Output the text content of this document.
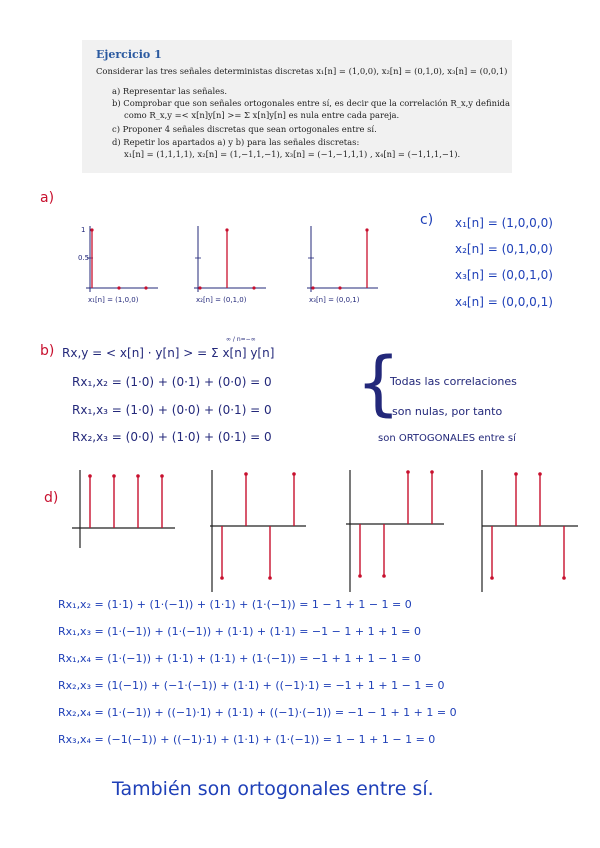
Ejercicio 1
Considerar las tres señales deterministas discretas x₁[n] = (1,0,0), x₂[n] = (0,1,0), x₃[n] = (0,0,1)
a) Representar las señales.
b) Comprobar que son señales ortogonales entre sí, es decir que la correlación R_x,y definida
como R_x,y =< x[n]y[n] >= Σ x[n]y[n] es nula entre cada pareja.
c) Proponer 4 señales discretas que sean ortogonales entre sí.
d) Repetir los apartados a) y b) para las señales discretas:
x₁[n] = (1,1,1,1), x₂[n] = (1,−1,1,−1), x₃[n] = (−1,−1,1,1) , x₄[n] = (−1,1,1,−1).
a)
x₁[n] = (1,0,0)	x₂[n] = (0,1,0)	x₃[n] = (0,0,1)
1
0.5
c) x₁[n] = (1,0,0,0)
x₂[n] = (0,1,0,0)
x₃[n] = (0,0,1,0)
x₄[n] = (0,0,0,1)
b) Rx,y = < x[n] · y[n] > = Σ x[n] y[n]
∞ / n=−∞
Rx₁,x₂ = (1·0) + (0·1) + (0·0) = 0
Rx₁,x₃ = (1·0) + (0·0) + (0·1) = 0
Rx₂,x₃ = (0·0) + (1·0) + (0·1) = 0
{
Todas las correlaciones
son nulas, por tanto
son ORTOGONALES entre sí
d)
Rx₁,x₂ = (1·1) + (1·(−1)) + (1·1) + (1·(−1)) = 1 − 1 + 1 − 1 = 0
Rx₁,x₃ = (1·(−1)) + (1·(−1)) + (1·1) + (1·1) = −1 − 1 + 1 + 1 = 0
Rx₁,x₄ = (1·(−1)) + (1·1) + (1·1) + (1·(−1)) = −1 + 1 + 1 − 1 = 0
Rx₂,x₃ = (1(−1)) + (−1·(−1)) + (1·1) + ((−1)·1) = −1 + 1 + 1 − 1 = 0
Rx₂,x₄ = (1·(−1)) + ((−1)·1) + (1·1) + ((−1)·(−1)) = −1 − 1 + 1 + 1 = 0
Rx₃,x₄ = (−1(−1)) + ((−1)·1) + (1·1) + (1·(−1)) = 1 − 1 + 1 − 1 = 0
También son ortogonales entre sí.
